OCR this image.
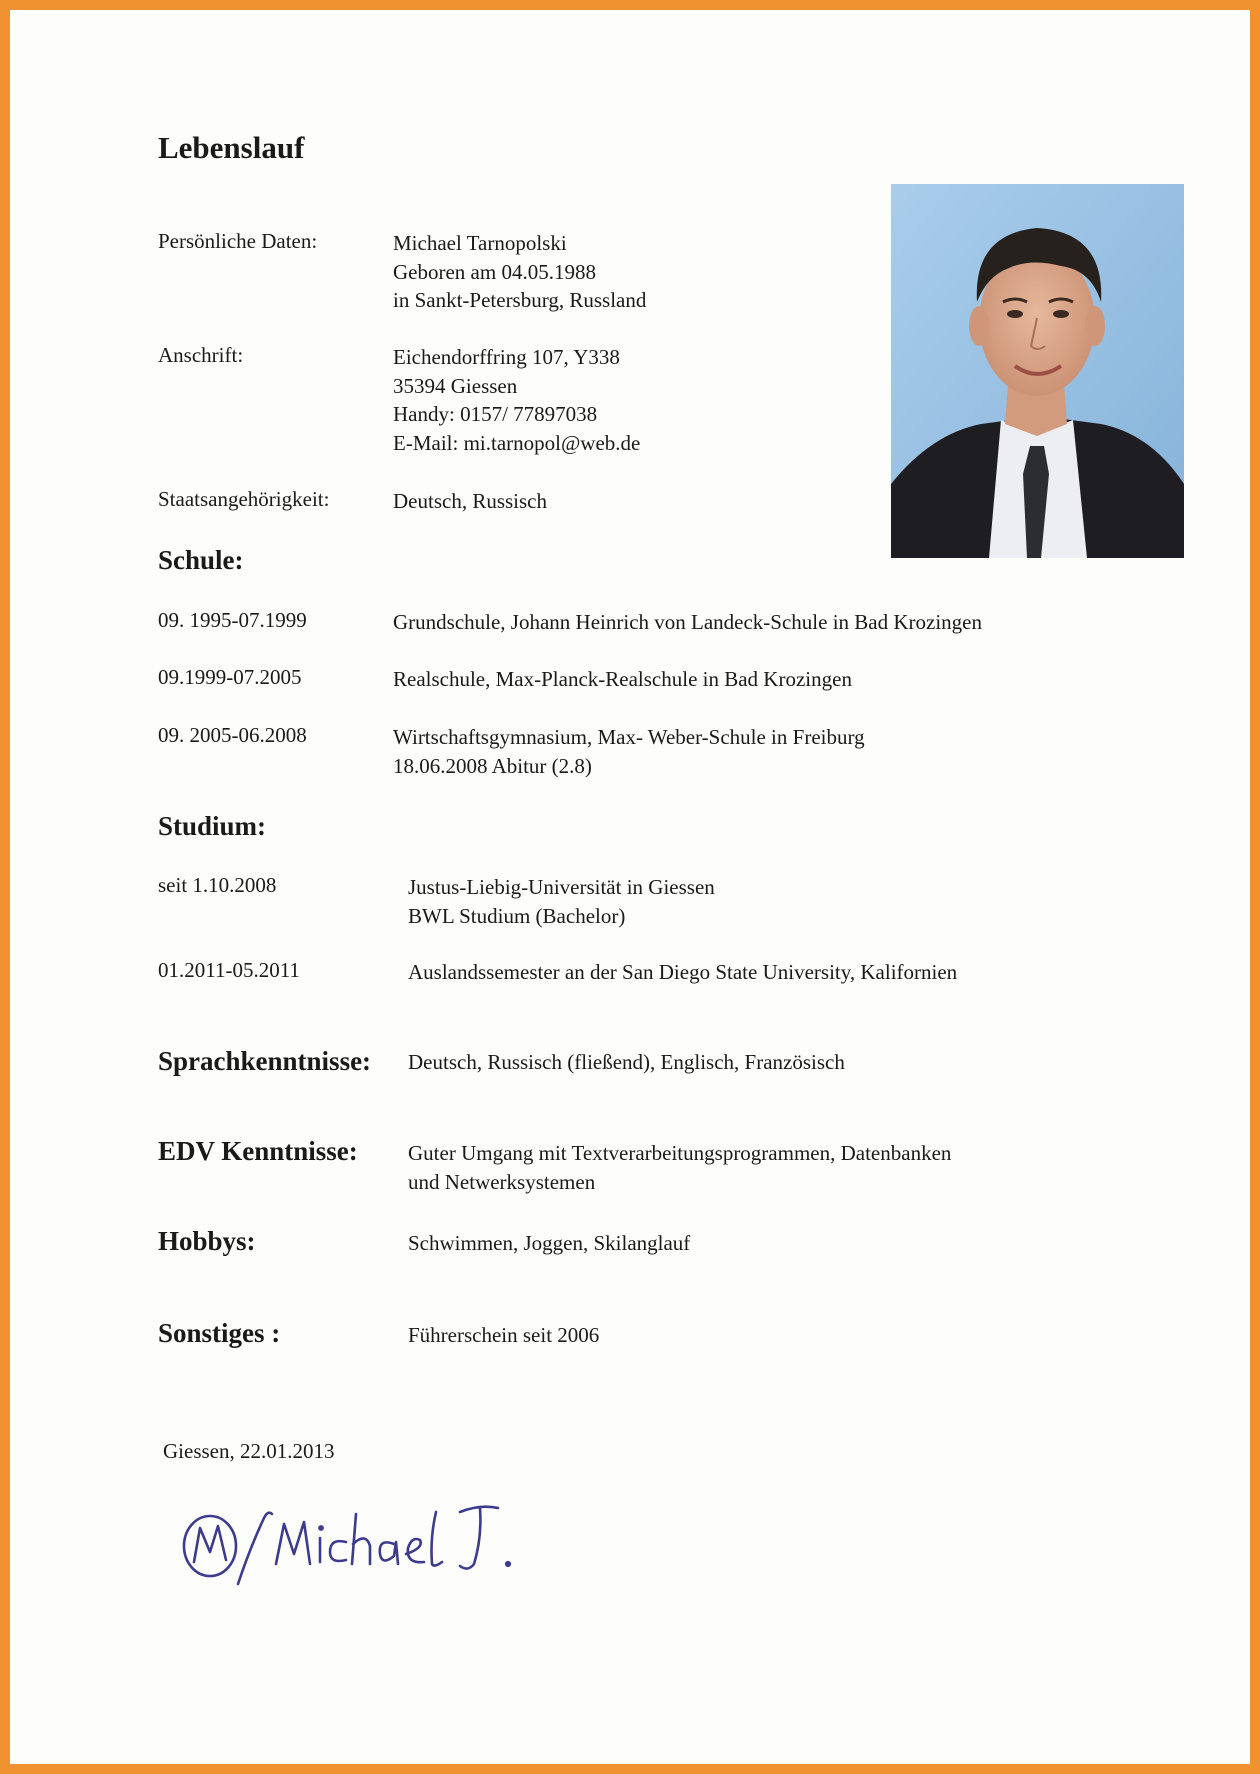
Lebenslauf
Persönliche Daten:	Michael Tarnopolski
Geboren am 04.05.1988
in Sankt-Petersburg, Russland
Anschrift:	Eichendorffring 107, Y338
35394 Giessen
Handy: 0157/ 77897038
E-Mail: mi.tarnopol@web.de
Staatsangehörigkeit:	Deutsch, Russisch
Schule:
09. 1995-07.1999	Grundschule, Johann Heinrich von Landeck-Schule in Bad Krozingen
09.1999-07.2005	Realschule, Max-Planck-Realschule in Bad Krozingen
09. 2005-06.2008	Wirtschaftsgymnasium, Max- Weber-Schule in Freiburg
18.06.2008 Abitur (2.8)
Studium:
seit 1.10.2008	Justus-Liebig-Universität in Giessen
BWL Studium (Bachelor)
01.2011-05.2011	Auslandssemester an der San Diego State University, Kalifornien
Sprachkenntnisse: Deutsch, Russisch (fließend), Englisch, Französisch
EDV Kenntnisse: Guter Umgang mit Textverarbeitungsprogrammen, Datenbanken
und Netwerksystemen
Hobbys:	Schwimmen, Joggen, Skilanglauf
Sonstiges :	Führerschein seit 2006
Giessen, 22.01.2013
